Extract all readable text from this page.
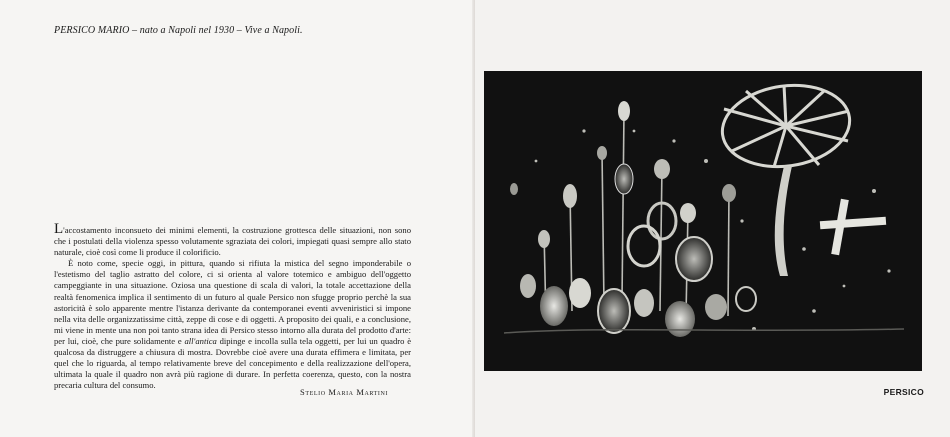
PERSICO MARIO – nato a Napoli nel 1930 – Vive a Napoli.

L'accostamento inconsueto dei minimi elementi, la costruzione grottesca delle situazioni, non sono che i postulati della violenza spesso volutamente sgraziata dei colori, impiegati quasi sempre allo stato naturale, cioè così come li produce il colorificio.

È noto come, specie oggi, in pittura, quando si rifiuta la mistica del segno imponderabile o l'estetismo del taglio astratto del colore, ci si orienta al valore totemico e ambiguo dell'oggetto campeggiante in una situazione. Oziosa una questione di scala di valori, la totale accettazione della realtà fenomenica implica il sentimento di un futuro al quale Persico non sfugge proprio perchè la sua astoricità è solo apparente mentre l'istanza derivante da contemporanei eventi avveniristici si impone nella vita delle organizzatissime città, zeppe di cose e di oggetti. A proposito dei quali, e a conclusione, mi viene in mente una non poi tanto strana idea di Persico stesso intorno alla durata del prodotto d'arte: per lui, cioè, che pure solidamente e all'antica dipinge e incolla sulla tela oggetti, per lui un quadro è qualcosa da distruggere a chiusura di mostra. Dovrebbe cioè avere una durata effimera e limitata, per quel che lo riguarda, al tempo relativamente breve del concepimento e della realizzazione dell'opera, ultimata la quale il quadro non avrà più ragione di durare. In perfetta coerenza, questo, con la nostra precaria cultura del consumo.

Stelio Maria Martini	PERSICO
